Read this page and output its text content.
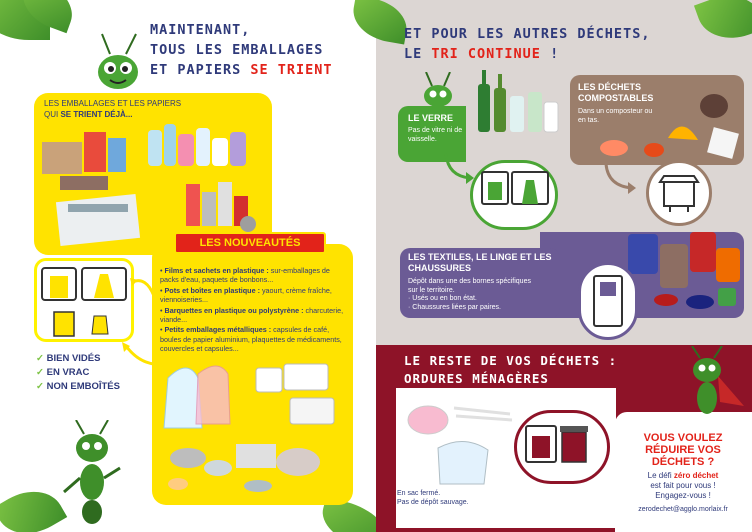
MAINTENANT,
TOUS LES EMBALLAGES
ET PAPIERS SE TRIENT
LES EMBALLAGES ET LES PAPIERS
QUI SE TRIENT DÉJÀ...
✓ BIEN VIDÉS
✓ EN VRAC
✓ NON EMBOÎTÉS
LES NOUVEAUTÉS
• Films et sachets en plastique : sur-emballages de packs d'eau, paquets de bonbons...
• Pots et boîtes en plastique : yaourt, crème fraîche, viennoiseries...
• Barquettes en plastique ou polystyrène : charcuterie, viande...
• Petits emballages métalliques : capsules de café, boules de papier aluminium, plaquettes de médicaments, couvercles et capsules...
ET POUR LES AUTRES DÉCHETS,
LE TRI CONTINUE !
LE VERRE
Pas de vitre ni de vaisselle.
LES DÉCHETS COMPOSTABLES
Dans un composteur ou en tas.
LES TEXTILES, LE LINGE ET LES CHAUSSURES
Dépôt dans une des bornes spécifiques sur le territoire.
· Usés ou en bon état.
· Chaussures liées par paires.
LE RESTE DE VOS DÉCHETS :
ORDURES MÉNAGÈRES
En sac fermé.
Pas de dépôt sauvage.
VOUS VOULEZ RÉDUIRE VOS DÉCHETS ?
Le défi zéro déchet
est fait pour vous !
Engagez-vous !
zerodechet@agglo.morlaix.fr
